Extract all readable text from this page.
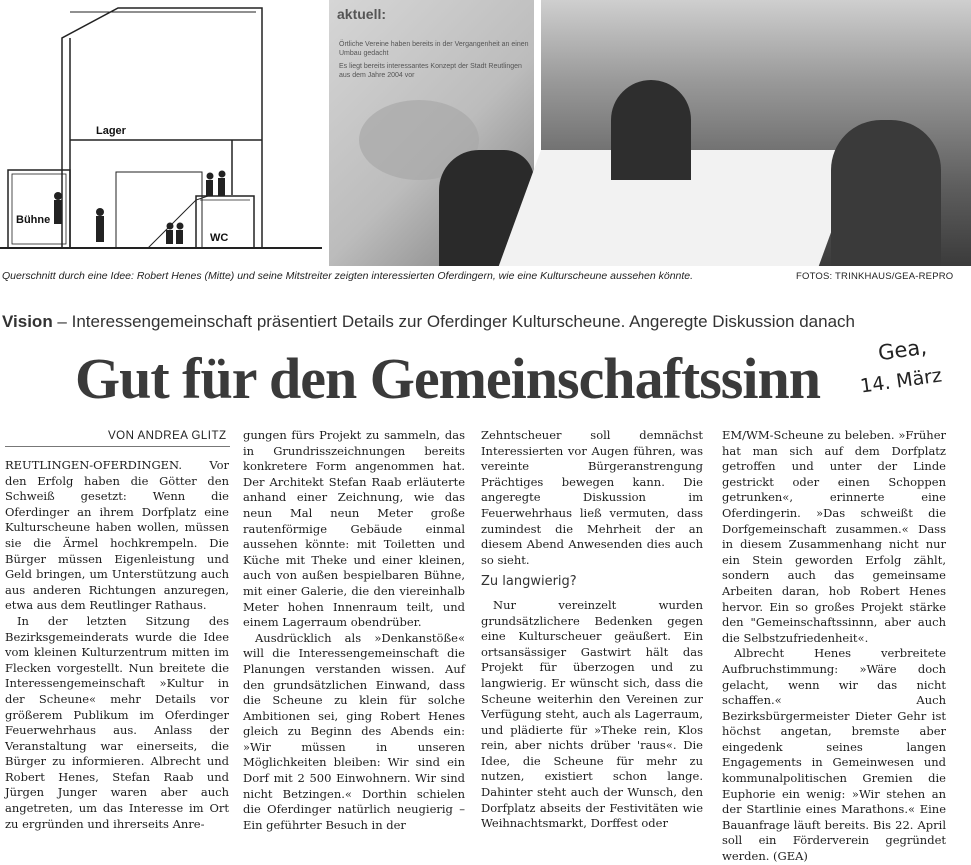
Lager
Bühne
WC
aktuell:
Örtliche Vereine haben bereits in der Vergangenheit an einen Umbau gedacht
Es liegt bereits interessantes Konzept der Stadt Reutlingen aus dem Jahre 2004 vor
Querschnitt durch eine Idee: Robert Henes (Mitte) und seine Mitstreiter zeigten interessierten Oferdingern, wie eine Kulturscheune aussehen könnte.	FOTOS: TRINKHAUS/GEA-REPRO
Vision – Interessengemeinschaft präsentiert Details zur Oferdinger Kulturscheune. Angeregte Diskussion danach
Gut für den Gemeinschaftssinn	Gea,
14. März
VON ANDREA GLITZ

REUTLINGEN-OFERDINGEN. Vor den Erfolg haben die Götter den Schweiß gesetzt: Wenn die Oferdinger an ihrem Dorfplatz eine Kulturscheune haben wollen, müssen sie die Ärmel hochkrempeln. Die Bürger müssen Eigenleistung und Geld bringen, um Unterstützung auch aus anderen Richtungen anzuregen, etwa aus dem Reutlinger Rathaus.

In der letzten Sitzung des Bezirksgemeinderats wurde die Idee vom kleinen Kulturzentrum mitten im Flecken vorgestellt. Nun breitete die Interessengemeinschaft »Kultur in der Scheune« mehr Details vor größerem Publikum im Oferdinger Feuerwehrhaus aus. Anlass der Veranstaltung war einerseits, die Bürger zu informieren. Albrecht und Robert Henes, Stefan Raab und Jürgen Junger waren aber auch angetreten, um das Interesse im Ort zu ergründen und ihrerseits Anre-

gungen fürs Projekt zu sammeln, das in Grundrisszeichnungen bereits konkretere Form angenommen hat. Der Architekt Stefan Raab erläuterte anhand einer Zeichnung, wie das neun Mal neun Meter große rautenförmige Gebäude einmal aussehen könnte: mit Toiletten und Küche mit Theke und einer kleinen, auch von außen bespielbaren Bühne, mit einer Galerie, die den viereinhalb Meter hohen Innenraum teilt, und einem Lagerraum obendrüber.

Ausdrücklich als »Denkanstöße« will die Interessengemeinschaft die Planungen verstanden wissen. Auf den grundsätzlichen Einwand, dass die Scheune zu klein für solche Ambitionen sei, ging Robert Henes gleich zu Beginn des Abends ein: »Wir müssen in unseren Möglichkeiten bleiben: Wir sind ein Dorf mit 2 500 Einwohnern. Wir sind nicht Betzingen.« Dorthin schielen die Oferdinger natürlich neugierig – Ein geführter Besuch in der

Zehntscheuer soll demnächst Interessierten vor Augen führen, was vereinte Bürgeranstrengung Prächtiges bewegen kann. Die angeregte Diskussion im Feuerwehrhaus ließ vermuten, dass zumindest die Mehrheit der an diesem Abend Anwesenden dies auch so sieht.

Zu langwierig?

Nur vereinzelt wurden grundsätzlichere Bedenken gegen eine Kulturscheuer geäußert. Ein ortsansässiger Gastwirt hält das Projekt für überzogen und zu langwierig. Er wünscht sich, dass die Scheune weiterhin den Vereinen zur Verfügung steht, auch als Lagerraum, und plädierte für »Theke rein, Klos rein, aber nichts drüber 'raus«. Die Idee, die Scheune für mehr zu nutzen, existiert schon lange. Dahinter steht auch der Wunsch, den Dorfplatz abseits der Festivitäten wie Weihnachtsmarkt, Dorffest oder

EM/WM-Scheune zu beleben. »Früher hat man sich auf dem Dorfplatz getroffen und unter der Linde gestrickt oder einen Schoppen getrunken«, erinnerte eine Oferdingerin. »Das schweißt die Dorfgemeinschaft zusammen.« Dass in diesem Zusammenhang nicht nur ein Stein geworden Erfolg zählt, sondern auch das gemeinsame Arbeiten daran, hob Robert Henes hervor. Ein so großes Projekt stärke den "Gemeinschaftssinnn, aber auch die Selbstzufriedenheit«.

Albrecht Henes verbreitete Aufbruchstimmung: »Wäre doch gelacht, wenn wir das nicht schaffen.« Auch Bezirksbürgermeister Dieter Gehr ist höchst angetan, bremste aber eingedenk seines langen Engagements in Gemeinwesen und kommunalpolitischen Gremien die Euphorie ein wenig: »Wir stehen an der Startlinie eines Marathons.« Eine Bauanfrage läuft bereits. Bis 22. April soll ein Förderverein gegründet werden. (GEA)
